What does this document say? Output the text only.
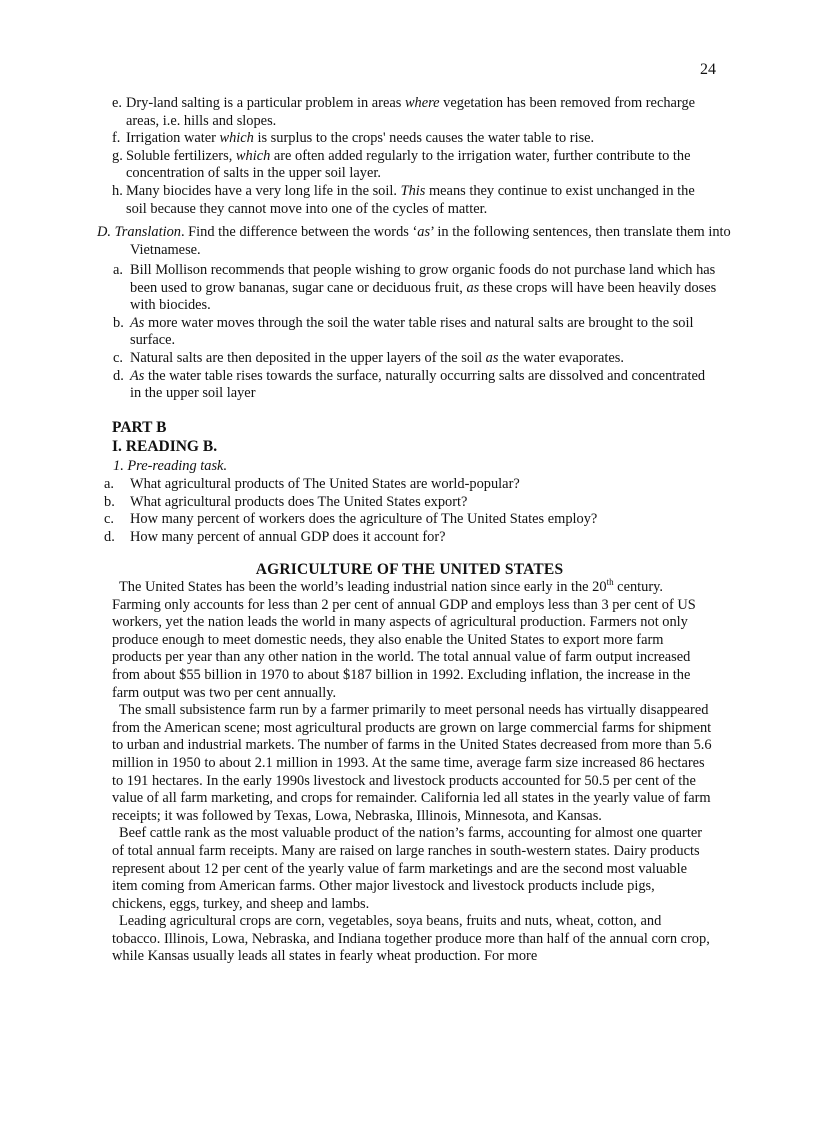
24

e. Dry-land salting is a particular problem in areas where vegetation has been removed from recharge areas, i.e. hills and slopes.

f. Irrigation water which is surplus to the crops' needs causes the water table to rise.

g. Soluble fertilizers, which are often added regularly to the irrigation water, further contribute to the concentration of salts in the upper soil layer.

h. Many biocides have a very long life in the soil. This means they continue to exist unchanged in the soil because they cannot move into one of the cycles of matter.

D. Translation. Find the difference between the words ‘as’ in the following sentences, then translate them into Vietnamese.

a. Bill Mollison recommends that people wishing to grow organic foods do not purchase land which has been used to grow bananas, sugar cane or deciduous fruit, as these crops will have been heavily doses with biocides.

b. As more water moves through the soil the water table rises and natural salts are brought to the soil surface.

c. Natural salts are then deposited in the upper layers of the soil as the water evaporates.

d. As the water table rises towards the surface, naturally occurring salts are dissolved and concentrated in the upper soil layer

PART B
I. READING B.
1. Pre-reading task.

a. What agricultural products of The United States are world-popular?

b. What agricultural products does The United States export?

c. How many percent of workers does the agriculture of The United States employ?

d. How many percent of annual GDP does it account for?

AGRICULTURE OF THE UNITED STATES

The United States has been the world’s leading industrial nation since early in the 20th century. Farming only accounts for less than 2 per cent of annual GDP and employs less than 3 per cent of US workers, yet the nation leads the world in many aspects of agricultural production. Farmers not only produce enough to meet domestic needs, they also enable the United States to export more farm products per year than any other nation in the world. The total annual value of farm output increased from about $55 billion in 1970 to about $187 billion in 1992. Excluding inflation, the increase in the farm output was two per cent annually.

The small subsistence farm run by a farmer primarily to meet personal needs has virtually disappeared from the American scene; most agricultural products are grown on large commercial farms for shipment to urban and industrial markets. The number of farms in the United States decreased from more than 5.6 million in 1950 to about 2.1 million in 1993. At the same time, average farm size increased 86 hectares to 191 hectares. In the early 1990s livestock and livestock products accounted for 50.5 per cent of the value of all farm marketing, and crops for remainder. California led all states in the yearly value of farm receipts; it was followed by Texas, Lowa, Nebraska, Illinois, Minnesota, and Kansas.

Beef cattle rank as the most valuable product of the nation’s farms, accounting for almost one quarter of total annual farm receipts. Many are raised on large ranches in south-western states. Dairy products represent about 12 per cent of the yearly value of farm marketings and are the second most valuable item coming from American farms. Other major livestock and livestock products include pigs, chickens, eggs, turkey, and sheep and lambs.

Leading agricultural crops are corn, vegetables, soya beans, fruits and nuts, wheat, cotton, and tobacco. Illinois, Lowa, Nebraska, and Indiana together produce more than half of the annual corn crop, while Kansas usually leads all states in fearly wheat production. For more
